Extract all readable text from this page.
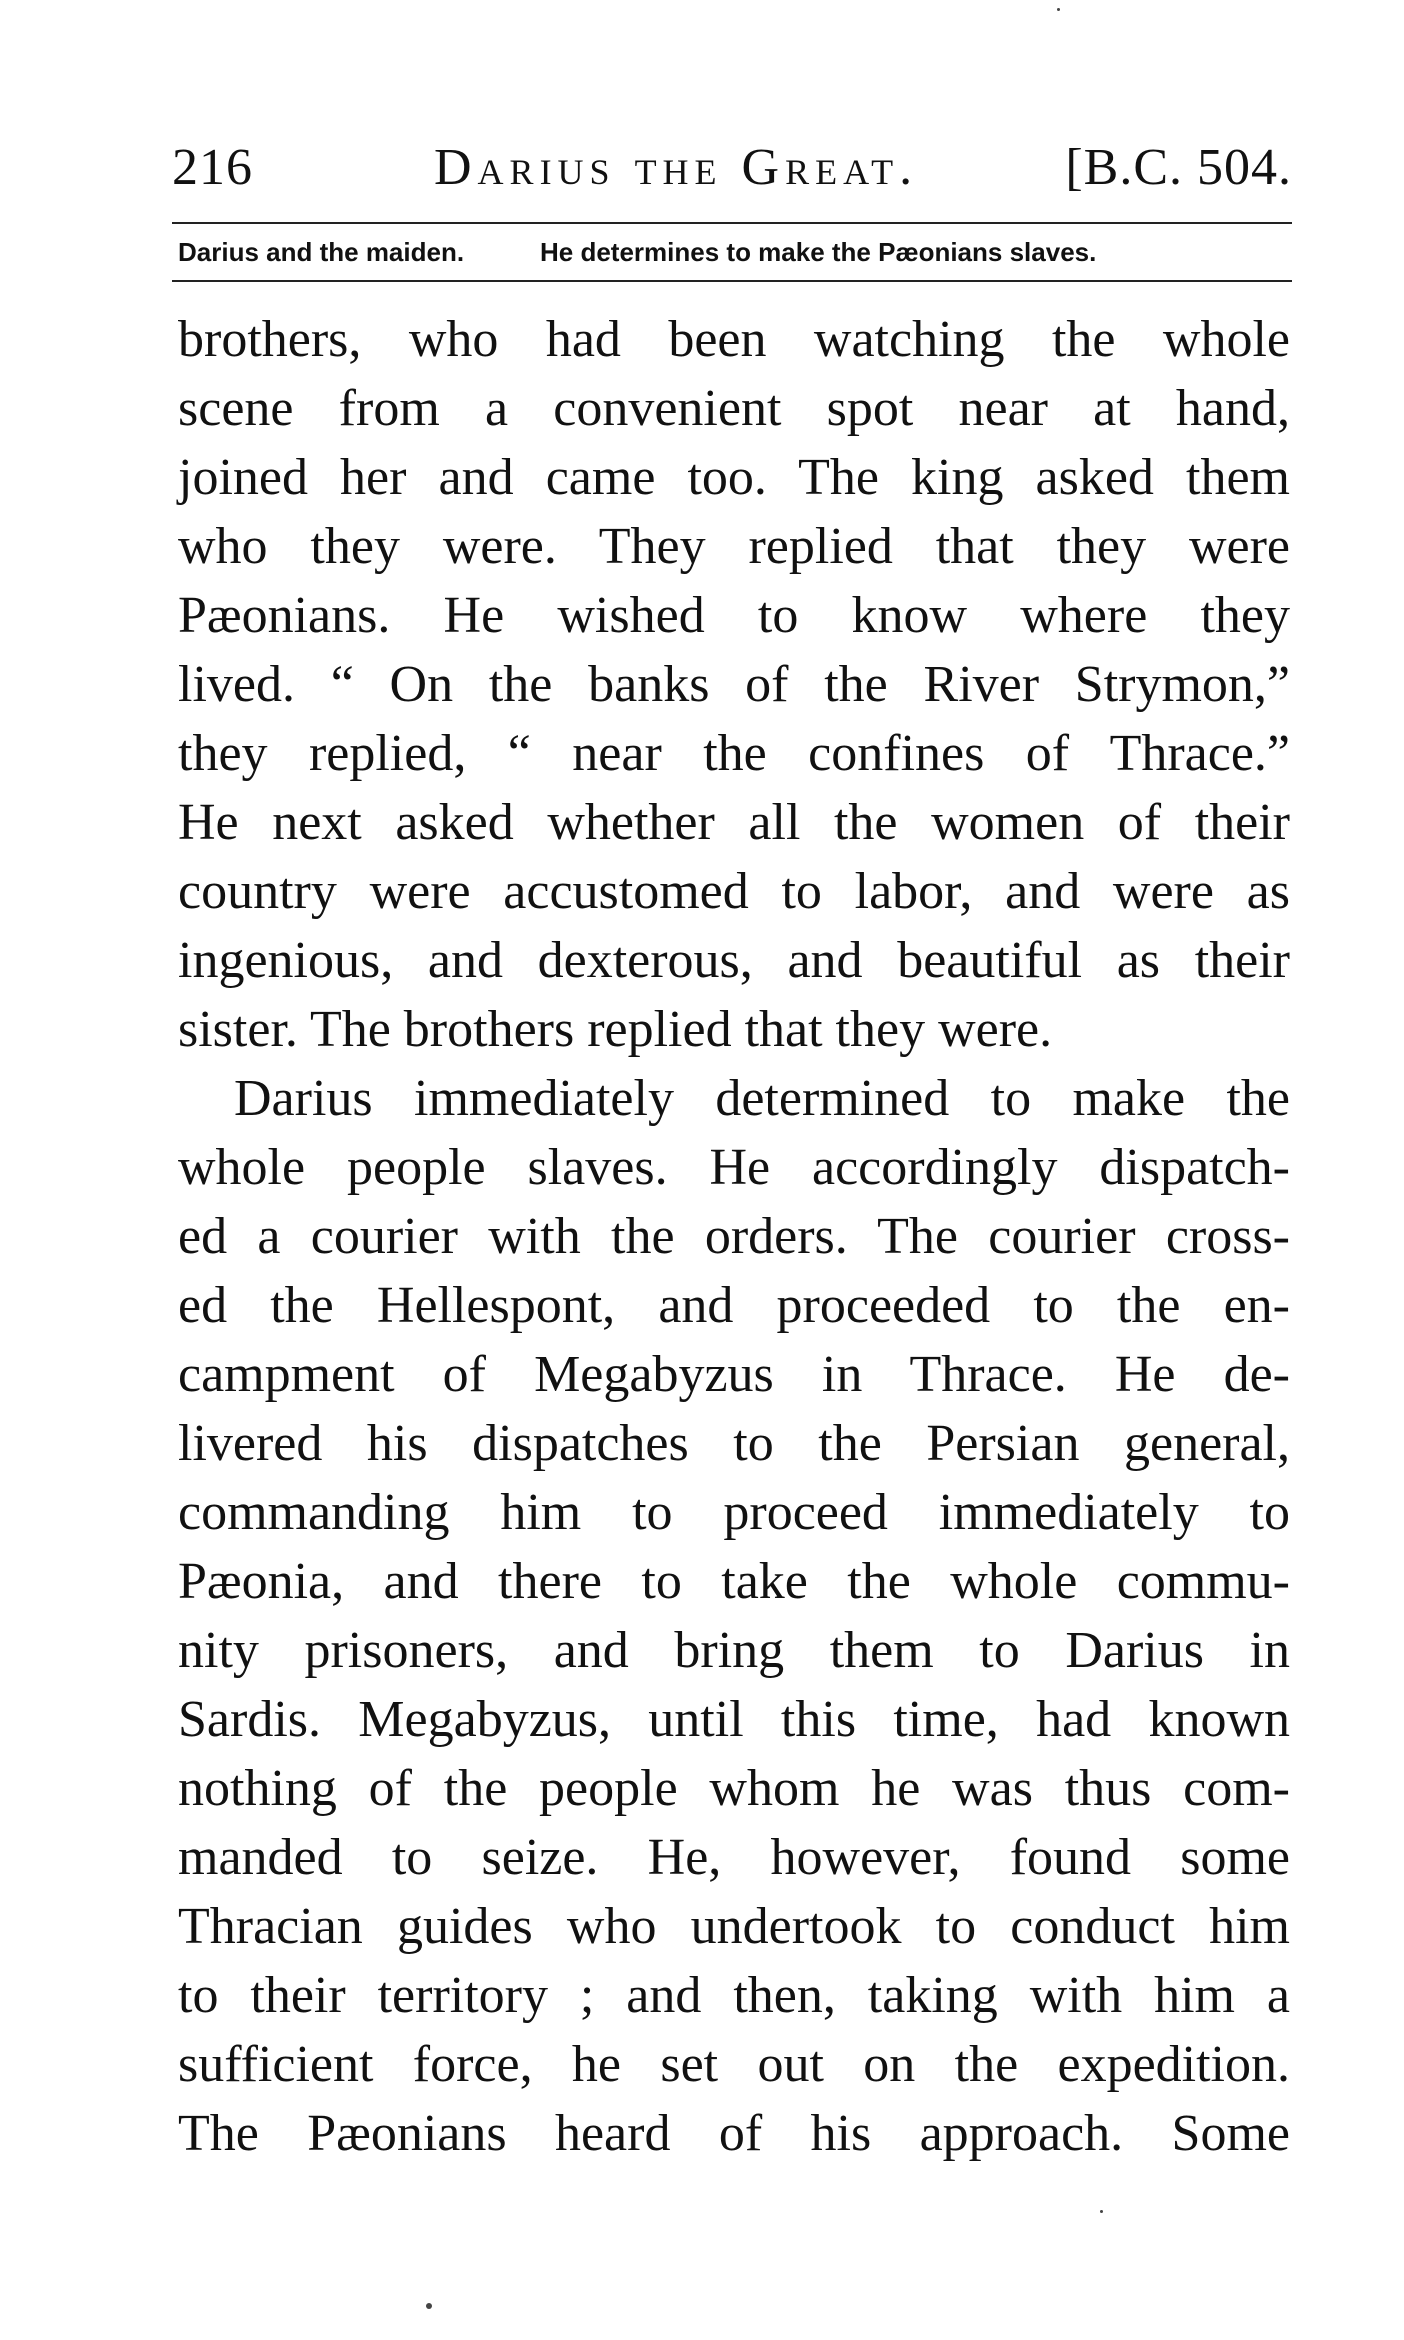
216	Darius the Great.	[B.C. 504.
Darius and the maiden.	He determines to make the Pæonians slaves.
brothers, who had been watching the whole
scene from a convenient spot near at hand,
joined her and came too. The king asked them
who they were. They replied that they were
Pæonians. He wished to know where they
lived. “ On the banks of the River Strymon,”
they replied, “ near the confines of Thrace.”
He next asked whether all the women of their
country were accustomed to labor, and were as
ingenious, and dexterous, and beautiful as their
sister. The brothers replied that they were.
Darius immediately determined to make the
whole people slaves. He accordingly dispatch-
ed a courier with the orders. The courier cross-
ed the Hellespont, and proceeded to the en-
campment of Megabyzus in Thrace. He de-
livered his dispatches to the Persian general,
commanding him to proceed immediately to
Pæonia, and there to take the whole commu-
nity prisoners, and bring them to Darius in
Sardis. Megabyzus, until this time, had known
nothing of the people whom he was thus com-
manded to seize. He, however, found some
Thracian guides who undertook to conduct him
to their territory ; and then, taking with him a
sufficient force, he set out on the expedition.
The Pæonians heard of his approach. Some
